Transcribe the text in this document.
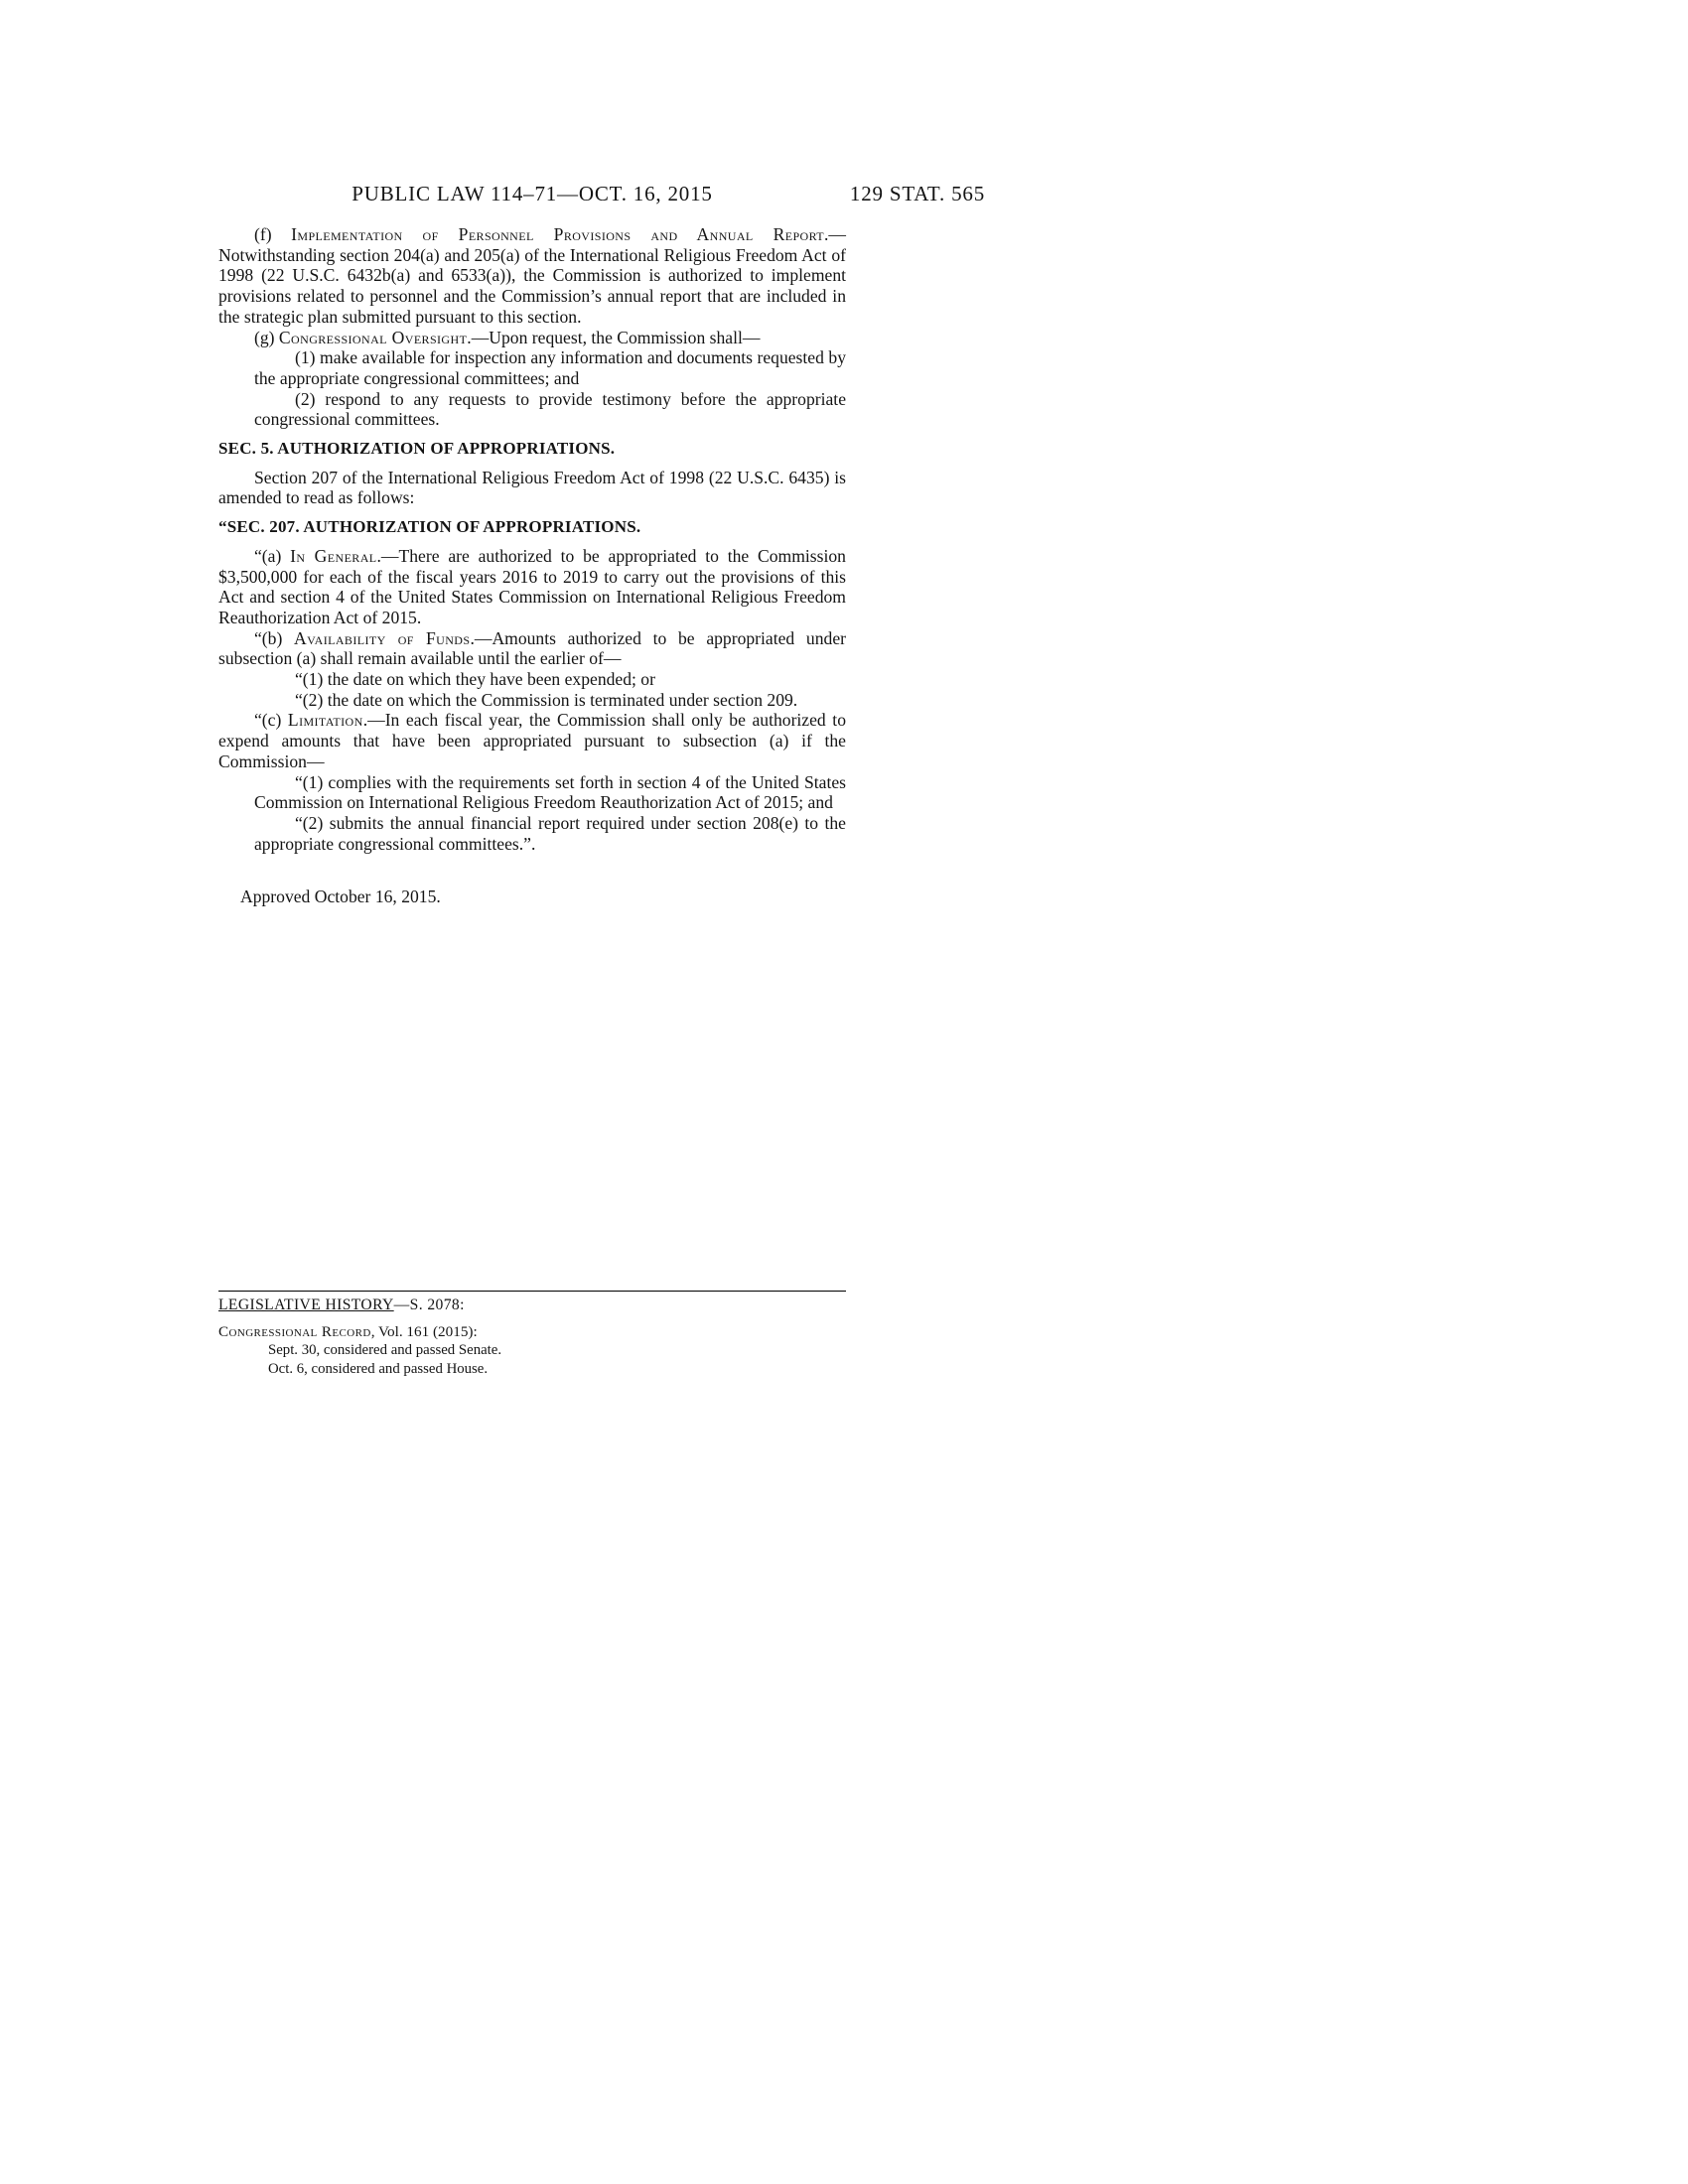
PUBLIC LAW 114–71—OCT. 16, 2015	129 STAT. 565

(f) Implementation of Personnel Provisions and Annual Report.—Notwithstanding section 204(a) and 205(a) of the International Religious Freedom Act of 1998 (22 U.S.C. 6432b(a) and 6533(a)), the Commission is authorized to implement provisions related to personnel and the Commission’s annual report that are included in the strategic plan submitted pursuant to this section.

(g) Congressional Oversight.—Upon request, the Commission shall—

(1) make available for inspection any information and documents requested by the appropriate congressional committees; and

(2) respond to any requests to provide testimony before the appropriate congressional committees.

SEC. 5. AUTHORIZATION OF APPROPRIATIONS.

Section 207 of the International Religious Freedom Act of 1998 (22 U.S.C. 6435) is amended to read as follows:

“SEC. 207. AUTHORIZATION OF APPROPRIATIONS.

“(a) In General.—There are authorized to be appropriated to the Commission $3,500,000 for each of the fiscal years 2016 to 2019 to carry out the provisions of this Act and section 4 of the United States Commission on International Religious Freedom Reauthorization Act of 2015.

“(b) Availability of Funds.—Amounts authorized to be appropriated under subsection (a) shall remain available until the earlier of—

“(1) the date on which they have been expended; or

“(2) the date on which the Commission is terminated under section 209.

“(c) Limitation.—In each fiscal year, the Commission shall only be authorized to expend amounts that have been appropriated pursuant to subsection (a) if the Commission—

“(1) complies with the requirements set forth in section 4 of the United States Commission on International Religious Freedom Reauthorization Act of 2015; and

“(2) submits the annual financial report required under section 208(e) to the appropriate congressional committees.”.

Approved October 16, 2015.

LEGISLATIVE HISTORY—S. 2078:
Congressional Record, Vol. 161 (2015):
Sept. 30, considered and passed Senate.
Oct. 6, considered and passed House.
